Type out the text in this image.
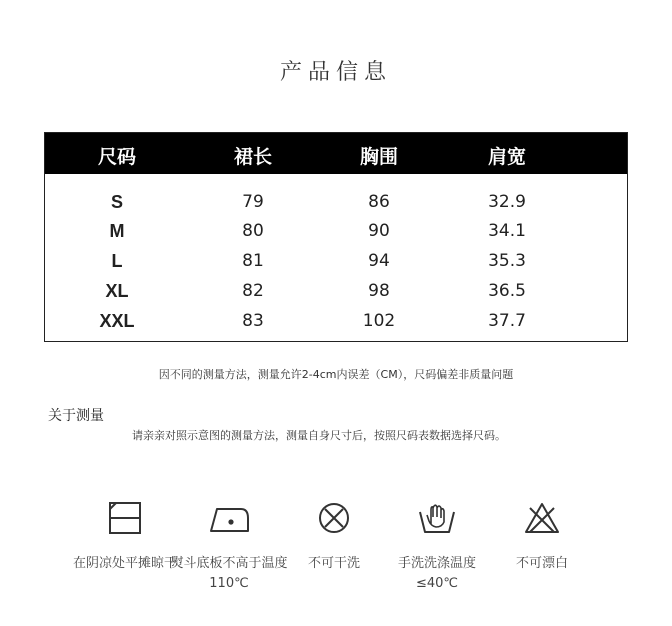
产品信息
尺码	裙长	胸围	肩宽
S	79	86	32.9
M	80	90	34.1
L	81	94	35.3
XL	82	98	36.5
XXL	83	102	37.7
因不同的测量方法，测量允许2-4cm内误差（CM），尺码偏差非质量问题
关于测量
请亲亲对照示意图的测量方法，测量自身尺寸后，按照尺码表数据选择尺码。
在阴凉处平摊晾干
熨斗底板不高于温度110℃
不可干洗	手洗洗涤温度≤40℃
不可漂白
